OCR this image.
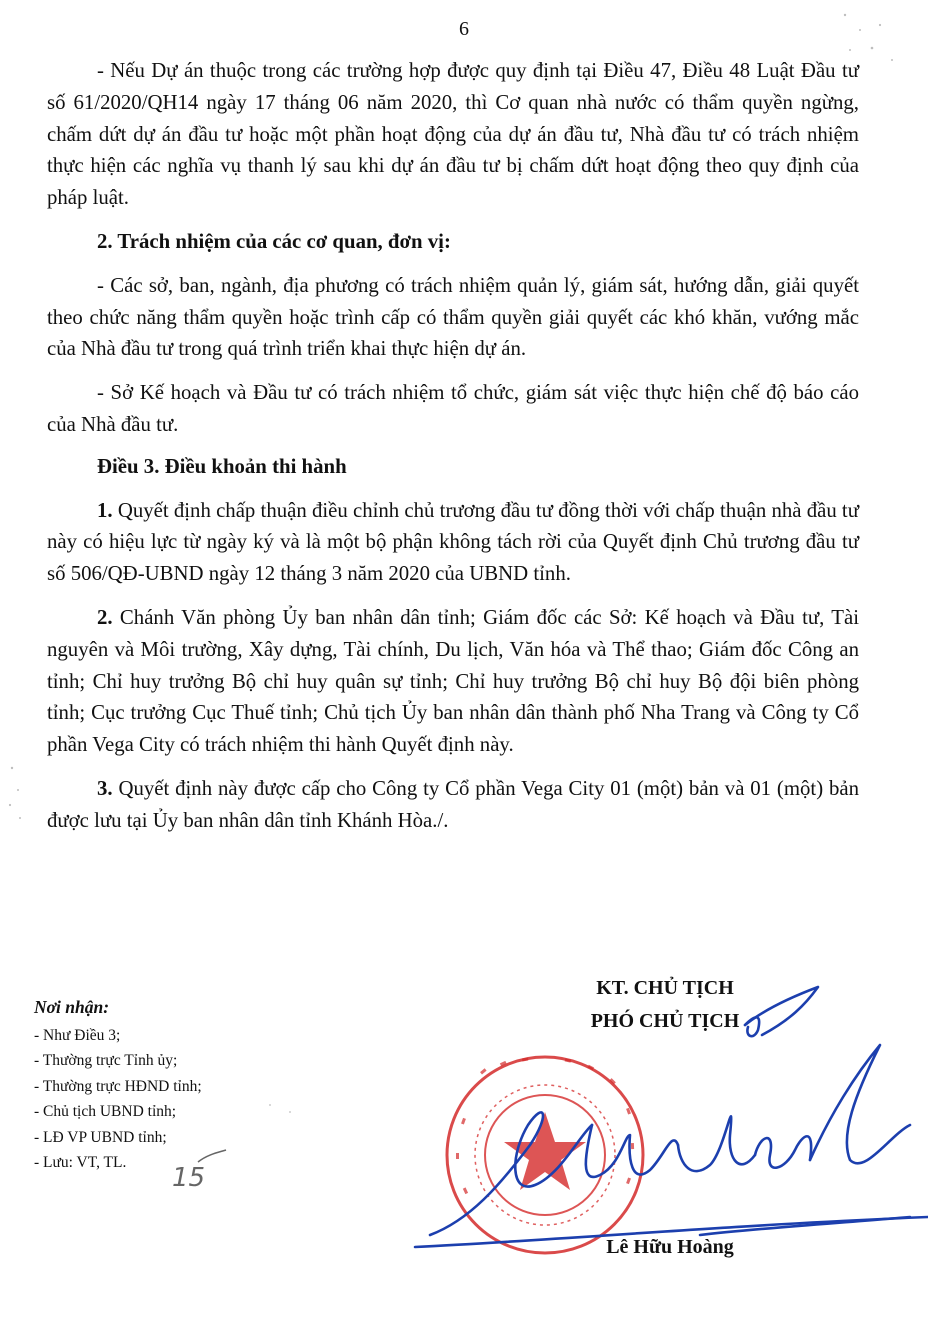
6

- Nếu Dự án thuộc trong các trường hợp được quy định tại Điều 47, Điều 48 Luật Đầu tư số 61/2020/QH14 ngày 17 tháng 06 năm 2020, thì Cơ quan nhà nước có thẩm quyền ngừng, chấm dứt dự án đầu tư hoặc một phần hoạt động của dự án đầu tư, Nhà đầu tư có trách nhiệm thực hiện các nghĩa vụ thanh lý sau khi dự án đầu tư bị chấm dứt hoạt động theo quy định của pháp luật.

2. Trách nhiệm của các cơ quan, đơn vị:

- Các sở, ban, ngành, địa phương có trách nhiệm quản lý, giám sát, hướng dẫn, giải quyết theo chức năng thẩm quyền hoặc trình cấp có thẩm quyền giải quyết các khó khăn, vướng mắc của Nhà đầu tư trong quá trình triển khai thực hiện dự án.

- Sở Kế hoạch và Đầu tư có trách nhiệm tổ chức, giám sát việc thực hiện chế độ báo cáo của Nhà đầu tư.

Điều 3. Điều khoản thi hành

1. Quyết định chấp thuận điều chỉnh chủ trương đầu tư đồng thời với chấp thuận nhà đầu tư này có hiệu lực từ ngày ký và là một bộ phận không tách rời của Quyết định Chủ trương đầu tư số 506/QĐ-UBND ngày 12 tháng 3 năm 2020 của UBND tỉnh.

2. Chánh Văn phòng Ủy ban nhân dân tỉnh; Giám đốc các Sở: Kế hoạch và Đầu tư, Tài nguyên và Môi trường, Xây dựng, Tài chính, Du lịch, Văn hóa và Thể thao; Giám đốc Công an tỉnh; Chỉ huy trưởng Bộ chỉ huy quân sự tỉnh; Chỉ huy trưởng Bộ chỉ huy Bộ đội biên phòng tỉnh; Cục trưởng Cục Thuế tỉnh; Chủ tịch Ủy ban nhân dân thành phố Nha Trang và Công ty Cổ phần Vega City có trách nhiệm thi hành Quyết định này.

3. Quyết định này được cấp cho Công ty Cổ phần Vega City 01 (một) bản và 01 (một) bản được lưu tại Ủy ban nhân dân tỉnh Khánh Hòa./.

Nơi nhận:
- Như Điều 3;
- Thường trực Tỉnh ủy;
- Thường trực HĐND tỉnh;
- Chủ tịch UBND tỉnh;
- LĐ VP UBND tỉnh;
- Lưu: VT, TL.
KT. CHỦ TỊCH
PHÓ CHỦ TỊCH
Lê Hữu Hoàng
15
